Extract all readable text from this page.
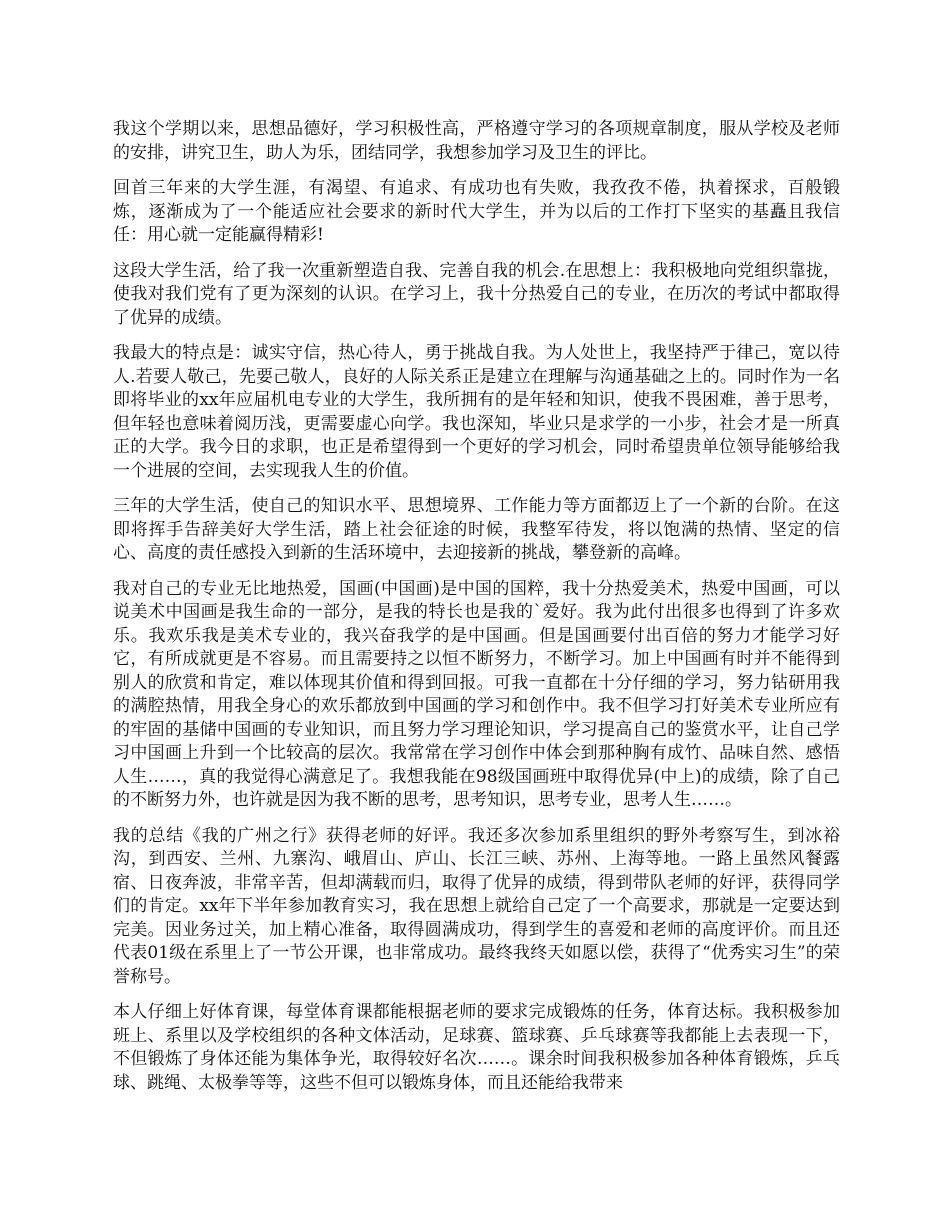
我这个学期以来，思想品德好，学习积极性高，严格遵守学习的各项规章制度，服从学校及老师的安排，讲究卫生，助人为乐，团结同学，我想参加学习及卫生的评比。

回首三年来的大学生涯，有渴望、有追求、有成功也有失败，我孜孜不倦，执着探求，百般锻炼，逐渐成为了一个能适应社会要求的新时代大学生，并为以后的工作打下坚实的基矗且我信任：用心就一定能赢得精彩!

这段大学生活，给了我一次重新塑造自我、完善自我的机会.在思想上：我积极地向党组织靠拢，使我对我们党有了更为深刻的认识。在学习上，我十分热爱自己的专业，在历次的考试中都取得了优异的成绩。

我最大的特点是：诚实守信，热心待人，勇于挑战自我。为人处世上，我坚持严于律己，宽以待人.若要人敬己，先要己敬人，良好的人际关系正是建立在理解与沟通基础之上的。同时作为一名即将毕业的xx年应届机电专业的大学生，我所拥有的是年轻和知识，使我不畏困难，善于思考，但年轻也意味着阅历浅，更需要虚心向学。我也深知，毕业只是求学的一小步，社会才是一所真正的大学。我今日的求职，也正是希望得到一个更好的学习机会，同时希望贵单位领导能够给我一个进展的空间，去实现我人生的价值。

三年的大学生活，使自己的知识水平、思想境界、工作能力等方面都迈上了一个新的台阶。在这即将挥手告辞美好大学生活，踏上社会征途的时候，我整军待发，将以饱满的热情、坚定的信心、高度的责任感投入到新的生活环境中，去迎接新的挑战，攀登新的高峰。

我对自己的专业无比地热爱，国画(中国画)是中国的国粹，我十分热爱美术，热爱中国画，可以说美术中国画是我生命的一部分，是我的特长也是我的`爱好。我为此付出很多也得到了许多欢乐。我欢乐我是美术专业的，我兴奋我学的是中国画。但是国画要付出百倍的努力才能学习好它，有所成就更是不容易。而且需要持之以恒不断努力，不断学习。加上中国画有时并不能得到别人的欣赏和肯定，难以体现其价值和得到回报。可我一直都在十分仔细的学习，努力钻研用我的满腔热情，用我全身心的欢乐都放到中国画的学习和创作中。我不但学习打好美术专业所应有的牢固的基储中国画的专业知识，而且努力学习理论知识，学习提高自己的鉴赏水平，让自己学习中国画上升到一个比较高的层次。我常常在学习创作中体会到那种胸有成竹、品味自然、感悟人生……，真的我觉得心满意足了。我想我能在98级国画班中取得优异(中上)的成绩，除了自己的不断努力外，也许就是因为我不断的思考，思考知识，思考专业，思考人生……。

我的总结《我的广州之行》获得老师的好评。我还多次参加系里组织的野外考察写生，到冰裕沟，到西安、兰州、九寨沟、峨眉山、庐山、长江三峡、苏州、上海等地。一路上虽然风餐露宿、日夜奔波，非常辛苦，但却满载而归，取得了优异的成绩，得到带队老师的好评，获得同学们的肯定。xx年下半年参加教育实习，我在思想上就给自己定了一个高要求，那就是一定要达到完美。因业务过关，加上精心准备，取得圆满成功，得到学生的喜爱和老师的高度评价。而且还代表01级在系里上了一节公开课，也非常成功。最终我终天如愿以偿，获得了“优秀实习生”的荣誉称号。

本人仔细上好体育课，每堂体育课都能根据老师的要求完成锻炼的任务，体育达标。我积极参加班上、系里以及学校组织的各种文体活动，足球赛、篮球赛、乒乓球赛等我都能上去表现一下，不但锻炼了身体还能为集体争光，取得较好名次……。课余时间我积极参加各种体育锻炼，乒乓球、跳绳、太极拳等等，这些不但可以锻炼身体，而且还能给我带来
